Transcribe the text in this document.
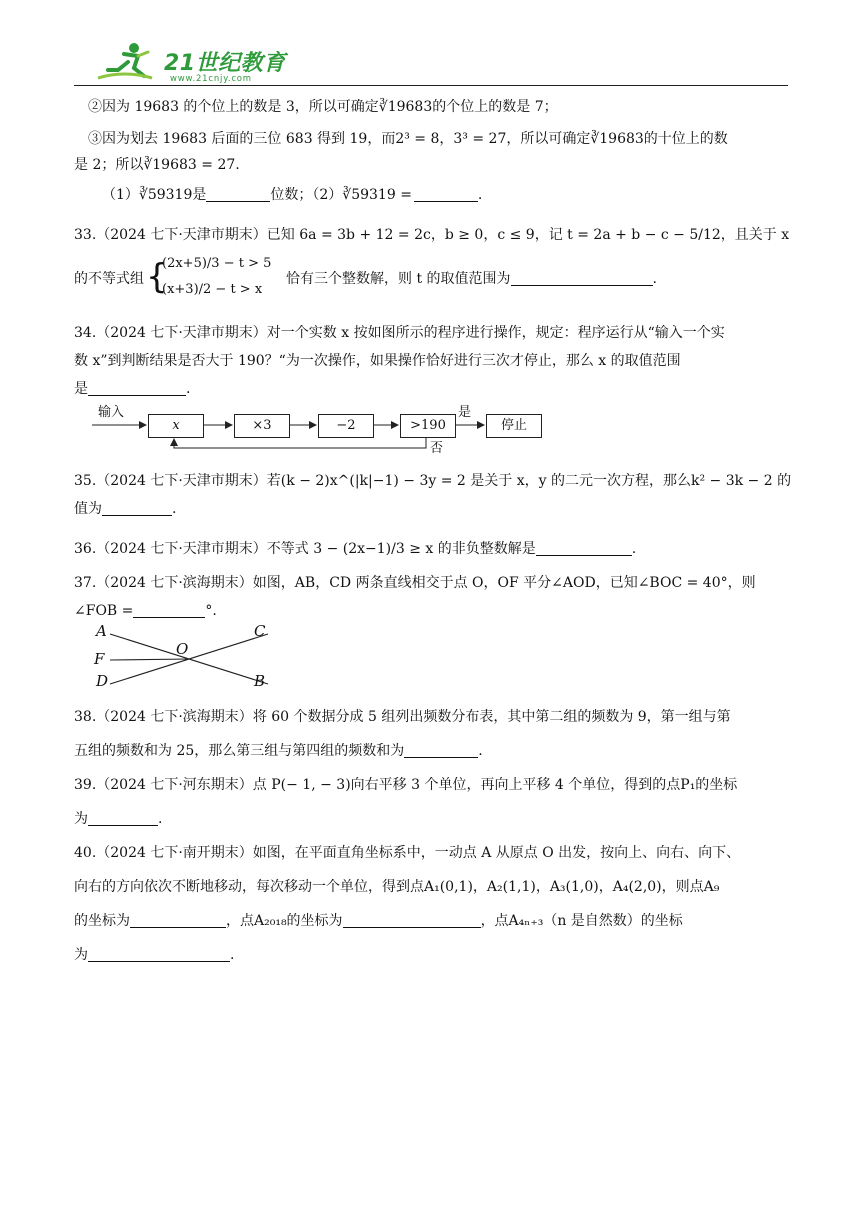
21世纪教育
www.21cnjy.com
②因为 19683 的个位上的数是 3，所以可确定∛19683的个位上的数是 7；
③因为划去 19683 后面的三位 683 得到 19，而2³ = 8，3³ = 27，所以可确定∛19683的十位上的数
是 2；所以∛19683 = 27.
（1）∛59319是	位数；（2）∛59319 =	.
33.（2024 七下·天津市期末）已知 6a = 3b + 12 = 2c，b ≥ 0，c ≤ 9，记 t = 2a + b − c − 5/12，且关于 x
的不等式组 {
(2x+5)/3 − t > 5
(x+3)/2 − t > x
恰有三个整数解，则 t 的取值范围为	.
34.（2024 七下·天津市期末）对一个实数 x 按如图所示的程序进行操作，规定：程序运行从“输入一个实
数 x”到判断结果是否大于 190？“为一次操作，如果操作恰好进行三次才停止，那么 x 的取值范围
是	.
输入
x	×3	−2	>190
是
否
停止
35.（2024 七下·天津市期末）若(k − 2)x^(|k|−1) − 3y = 2 是关于 x，y 的二元一次方程，那么k² − 3k − 2 的
值为	.
36.（2024 七下·天津市期末）不等式 3 − (2x−1)/3 ≥ x 的非负整数解是	.
37.（2024 七下·滨海期末）如图，AB，CD 两条直线相交于点 O，OF 平分∠AOD，已知∠BOC = 40°，则
∠FOB =	°.
A	C
F
O
D	B
38.（2024 七下·滨海期末）将 60 个数据分成 5 组列出频数分布表，其中第二组的频数为 9，第一组与第
五组的频数和为 25，那么第三组与第四组的频数和为	.
39.（2024 七下·河东期末）点 P(− 1, − 3)向右平移 3 个单位，再向上平移 4 个单位，得到的点P₁的坐标
为	.
40.（2024 七下·南开期末）如图，在平面直角坐标系中，一动点 A 从原点 O 出发，按向上、向右、向下、
向右的方向依次不断地移动，每次移动一个单位，得到点A₁(0,1)，A₂(1,1)，A₃(1,0)，A₄(2,0)，则点A₉
的坐标为	，点A₂₀₁₈的坐标为	，点A₄ₙ₊₃（n 是自然数）的坐标
为	.
